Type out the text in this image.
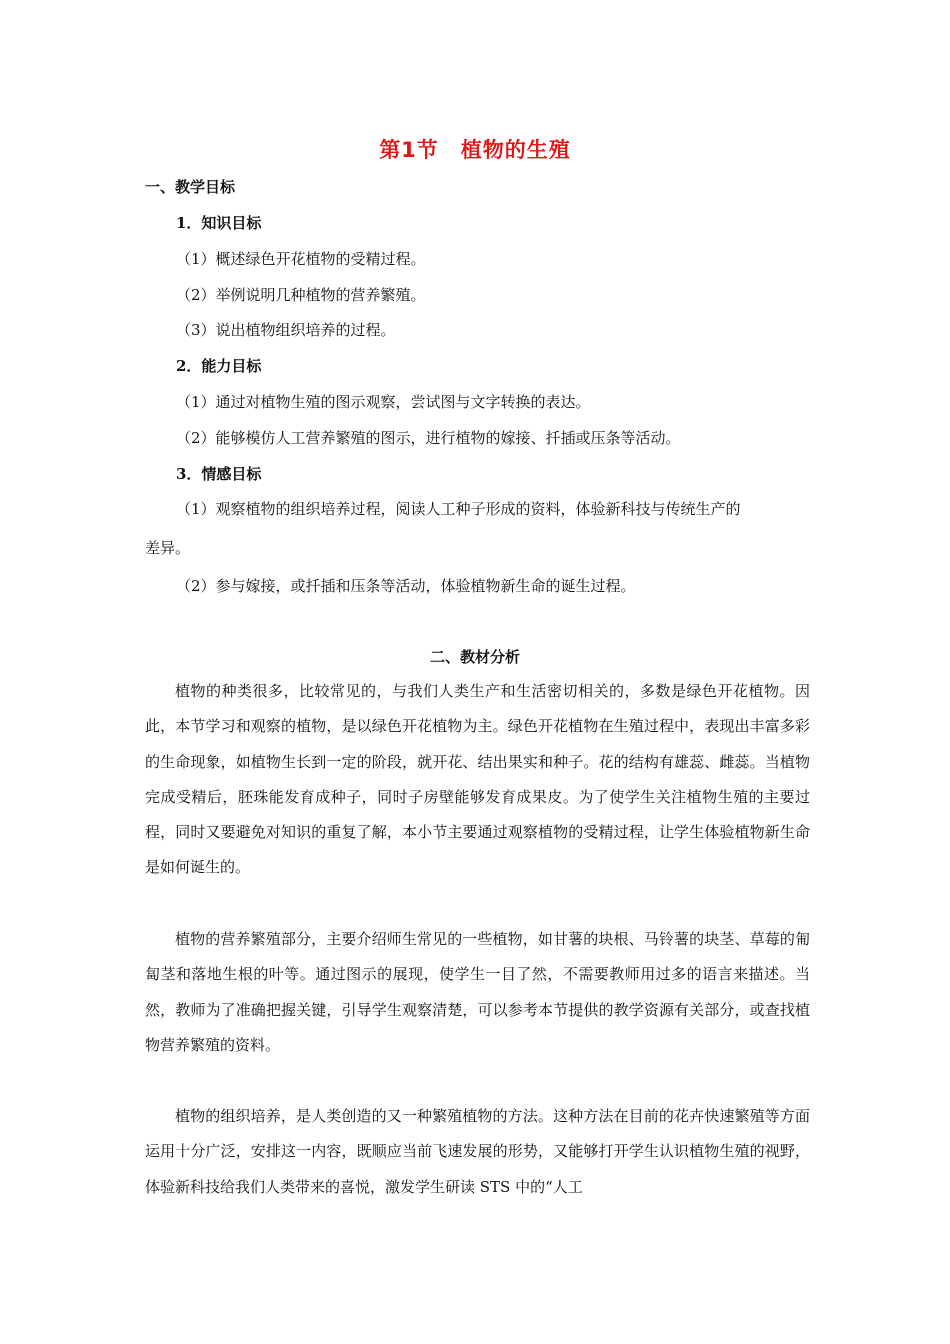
第1节　植物的生殖
一、教学目标
1．知识目标
（1）概述绿色开花植物的受精过程。
（2）举例说明几种植物的营养繁殖。
（3）说出植物组织培养的过程。
2．能力目标
（1）通过对植物生殖的图示观察，尝试图与文字转换的表达。
（2）能够模仿人工营养繁殖的图示，进行植物的嫁接、扦插或压条等活动。
3．情感目标
（1）观察植物的组织培养过程，阅读人工种子形成的资料，体验新科技与传统生产的
差异。
（2）参与嫁接，或扦插和压条等活动，体验植物新生命的诞生过程。
二、教材分析
植物的种类很多，比较常见的，与我们人类生产和生活密切相关的，多数是绿色开花植物。因此，本节学习和观察的植物，是以绿色开花植物为主。绿色开花植物在生殖过程中，表现出丰富多彩的生命现象，如植物生长到一定的阶段，就开花、结出果实和种子。花的结构有雄蕊、雌蕊。当植物完成受精后，胚珠能发育成种子，同时子房壁能够发育成果皮。为了使学生关注植物生殖的主要过程，同时又要避免对知识的重复了解，本小节主要通过观察植物的受精过程，让学生体验植物新生命是如何诞生的。
植物的营养繁殖部分，主要介绍师生常见的一些植物，如甘薯的块根、马铃薯的块茎、草莓的匍匐茎和落地生根的叶等。通过图示的展现，使学生一目了然，不需要教师用过多的语言来描述。当然，教师为了准确把握关键，引导学生观察清楚，可以参考本节提供的教学资源有关部分，或查找植物营养繁殖的资料。
植物的组织培养，是人类创造的又一种繁殖植物的方法。这种方法在目前的花卉快速繁殖等方面运用十分广泛，安排这一内容，既顺应当前飞速发展的形势，又能够打开学生认识植物生殖的视野，体验新科技给我们人类带来的喜悦，激发学生研读 STS 中的“人工
